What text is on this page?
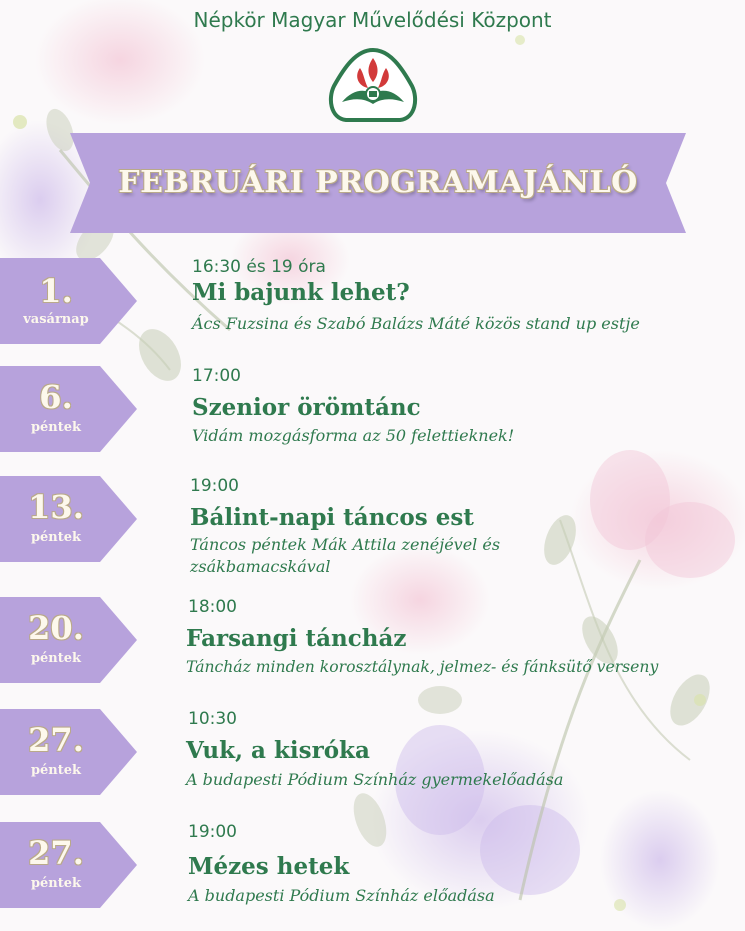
Népkör Magyar Művelődési Központ
FEBRUÁRI PROGRAMAJÁNLÓ
1.
vasárnap
16:30 és 19 óra
Mi bajunk lehet?
Ács Fuzsina és Szabó Balázs Máté közös stand up estje
6.
péntek
17:00
Szenior örömtánc
Vidám mozgásforma az 50 felettieknek!
13.
péntek
19:00
Bálint-napi táncos est
Táncos péntek Mák Attila zenéjével és zsákbamacskával
20.
péntek
18:00
Farsangi táncház
Táncház minden korosztálynak, jelmez- és fánksütő verseny
27.
péntek
10:30
Vuk, a kisróka
A budapesti Pódium Színház gyermekelőadása
27.
péntek
19:00
Mézes hetek
A budapesti Pódium Színház előadása
